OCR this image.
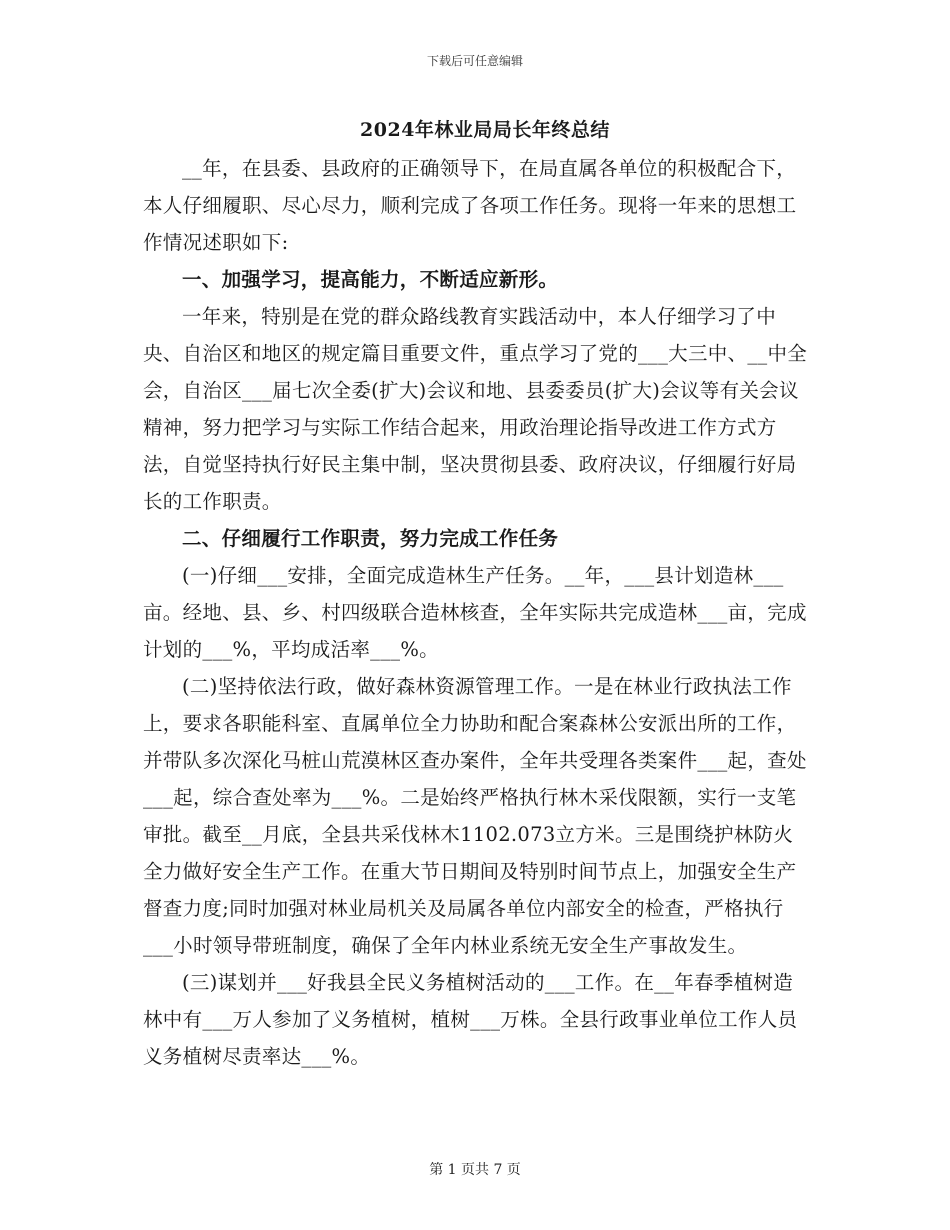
下载后可任意编辑
2024年林业局局长年终总结

__年，在县委、县政府的正确领导下，在局直属各单位的积极配合下，本人仔细履职、尽心尽力，顺利完成了各项工作任务。现将一年来的思想工作情况述职如下:

一、加强学习，提高能力，不断适应新形。

一年来，特别是在党的群众路线教育实践活动中，本人仔细学习了中央、自治区和地区的规定篇目重要文件，重点学习了党的___大三中、__中全会，自治区___届七次全委(扩大)会议和地、县委委员(扩大)会议等有关会议精神，努力把学习与实际工作结合起来，用政治理论指导改进工作方式方法，自觉坚持执行好民主集中制，坚决贯彻县委、政府决议，仔细履行好局长的工作职责。

二、仔细履行工作职责，努力完成工作任务

(一)仔细___安排，全面完成造林生产任务。__年，___县计划造林___亩。经地、县、乡、村四级联合造林核查，全年实际共完成造林___亩，完成计划的___%，平均成活率___%。

(二)坚持依法行政，做好森林资源管理工作。一是在林业行政执法工作上，要求各职能科室、直属单位全力协助和配合案森林公安派出所的工作，并带队多次深化马桩山荒漠林区查办案件，全年共受理各类案件___起，查处___起，综合查处率为___%。二是始终严格执行林木采伐限额，实行一支笔审批。截至__月底，全县共采伐林木1102.073立方米。三是围绕护林防火全力做好安全生产工作。在重大节日期间及特别时间节点上，加强安全生产督查力度;同时加强对林业局机关及局属各单位内部安全的检查，严格执行___小时领导带班制度，确保了全年内林业系统无安全生产事故发生。

(三)谋划并___好我县全民义务植树活动的___工作。在__年春季植树造林中有___万人参加了义务植树，植树___万株。全县行政事业单位工作人员义务植树尽责率达___%。

第 1 页共 7 页
